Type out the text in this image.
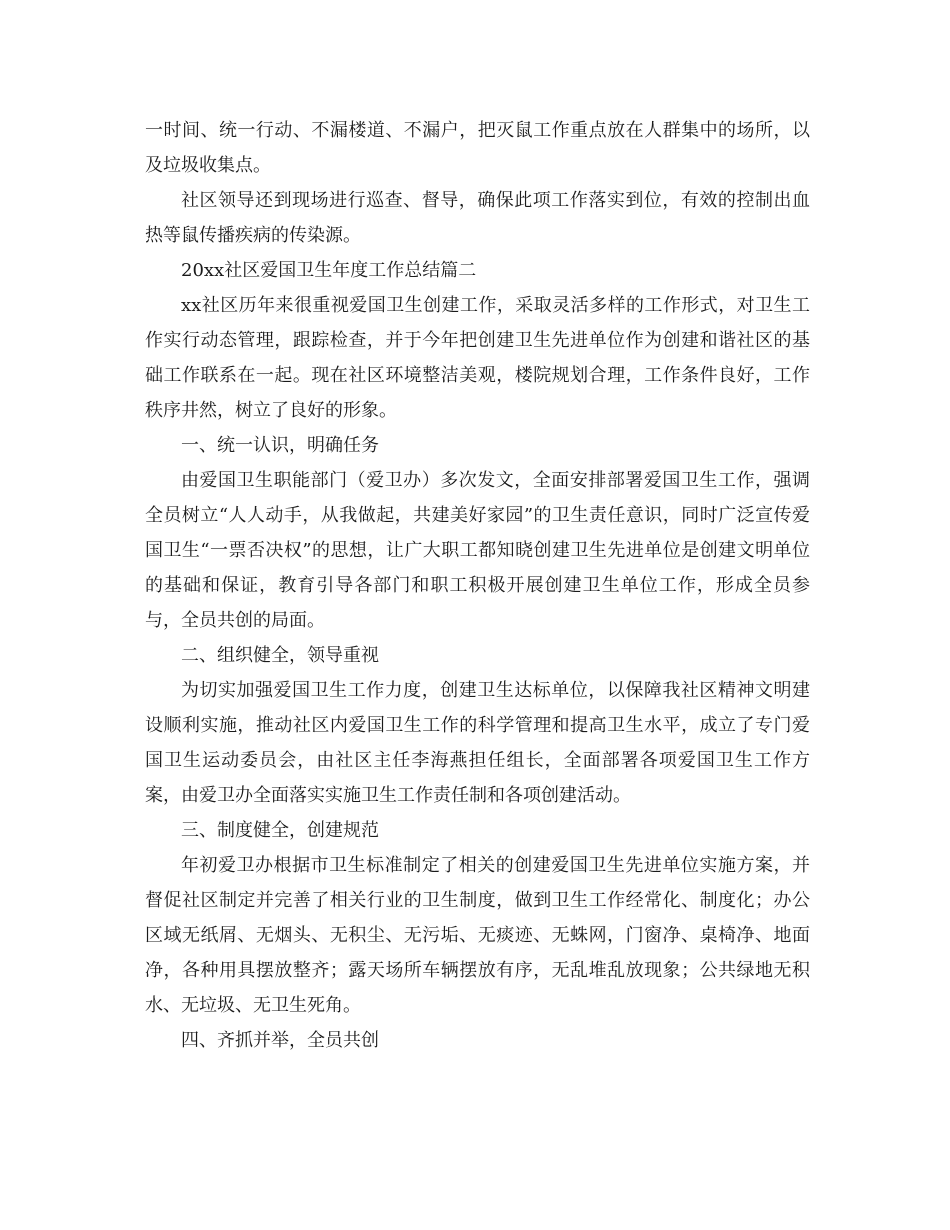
一时间、统一行动、不漏楼道、不漏户，把灭鼠工作重点放在人群集中的场所，以及垃圾收集点。

社区领导还到现场进行巡查、督导，确保此项工作落实到位，有效的控制出血热等鼠传播疾病的传染源。

20xx社区爱国卫生年度工作总结篇二

xx社区历年来很重视爱国卫生创建工作，采取灵活多样的工作形式，对卫生工作实行动态管理，跟踪检查，并于今年把创建卫生先进单位作为创建和谐社区的基础工作联系在一起。现在社区环境整洁美观，楼院规划合理，工作条件良好，工作秩序井然，树立了良好的形象。

一、统一认识，明确任务

由爱国卫生职能部门（爱卫办）多次发文，全面安排部署爱国卫生工作，强调全员树立“人人动手，从我做起，共建美好家园”的卫生责任意识，同时广泛宣传爱国卫生“一票否决权”的思想，让广大职工都知晓创建卫生先进单位是创建文明单位的基础和保证，教育引导各部门和职工积极开展创建卫生单位工作，形成全员参与，全员共创的局面。

二、组织健全，领导重视

为切实加强爱国卫生工作力度，创建卫生达标单位，以保障我社区精神文明建设顺利实施，推动社区内爱国卫生工作的科学管理和提高卫生水平，成立了专门爱国卫生运动委员会，由社区主任李海燕担任组长，全面部署各项爱国卫生工作方案，由爱卫办全面落实实施卫生工作责任制和各项创建活动。

三、制度健全，创建规范

年初爱卫办根据市卫生标准制定了相关的创建爱国卫生先进单位实施方案，并督促社区制定并完善了相关行业的卫生制度，做到卫生工作经常化、制度化；办公区域无纸屑、无烟头、无积尘、无污垢、无痰迹、无蛛网，门窗净、桌椅净、地面净，各种用具摆放整齐；露天场所车辆摆放有序，无乱堆乱放现象；公共绿地无积水、无垃圾、无卫生死角。

四、齐抓并举，全员共创
